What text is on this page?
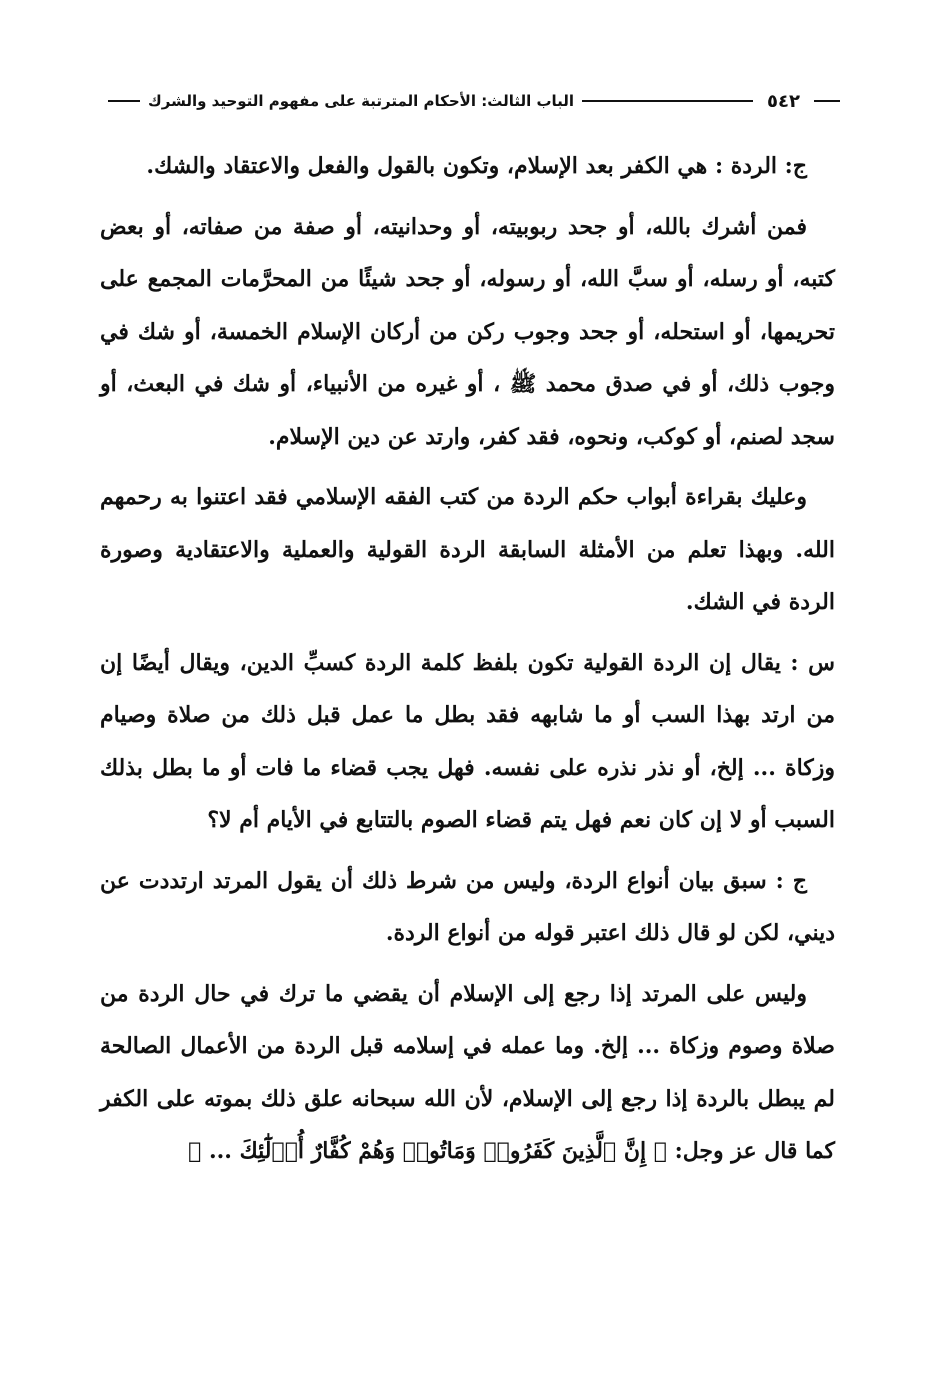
٥٤٢
الباب الثالث: الأحكام المترتبة على مفهوم التوحيد والشرك

ج: الردة : هي الكفر بعد الإسلام، وتكون بالقول والفعل والاعتقاد والشك.

فمن أشرك بالله، أو جحد ربوبيته، أو وحدانيته، أو صفة من صفاته، أو بعض كتبه، أو رسله، أو سبَّ الله، أو رسوله، أو جحد شيئًا من المحرَّمات المجمع على تحريمها، أو استحله، أو جحد وجوب ركن من أركان الإسلام الخمسة، أو شك في وجوب ذلك، أو في صدق محمد ﷺ ، أو غيره من الأنبياء، أو شك في البعث، أو سجد لصنم، أو كوكب، ونحوه، فقد كفر، وارتد عن دين الإسلام.

وعليك بقراءة أبواب حكم الردة من كتب الفقه الإسلامي فقد اعتنوا به رحمهم الله. وبهذا تعلم من الأمثلة السابقة الردة القولية والعملية والاعتقادية وصورة الردة في الشك.

س : يقال إن الردة القولية تكون بلفظ كلمة الردة كسبِّ الدين، ويقال أيضًا إن من ارتد بهذا السب أو ما شابهه فقد بطل ما عمل قبل ذلك من صلاة وصيام وزكاة ... إلخ، أو نذر نذره على نفسه. فهل يجب قضاء ما فات أو ما بطل بذلك السبب أو لا إن كان نعم فهل يتم قضاء الصوم بالتتابع في الأيام أم لا؟

ج : سبق بيان أنواع الردة، وليس من شرط ذلك أن يقول المرتد ارتددت عن ديني، لكن لو قال ذلك اعتبر قوله من أنواع الردة.

وليس على المرتد إذا رجع إلى الإسلام أن يقضي ما ترك في حال الردة من صلاة وصوم وزكاة ... إلخ. وما عمله في إسلامه قبل الردة من الأعمال الصالحة لم يبطل بالردة إذا رجع إلى الإسلام، لأن الله سبحانه علق ذلك بموته على الكفر كما قال عز وجل: ﴿ إِنَّ ٱلَّذِينَ كَفَرُوا۟ وَمَاتُوا۟ وَهُمْ كُفَّارٌ أُو۟لَٰٓئِكَ ... ﴾
